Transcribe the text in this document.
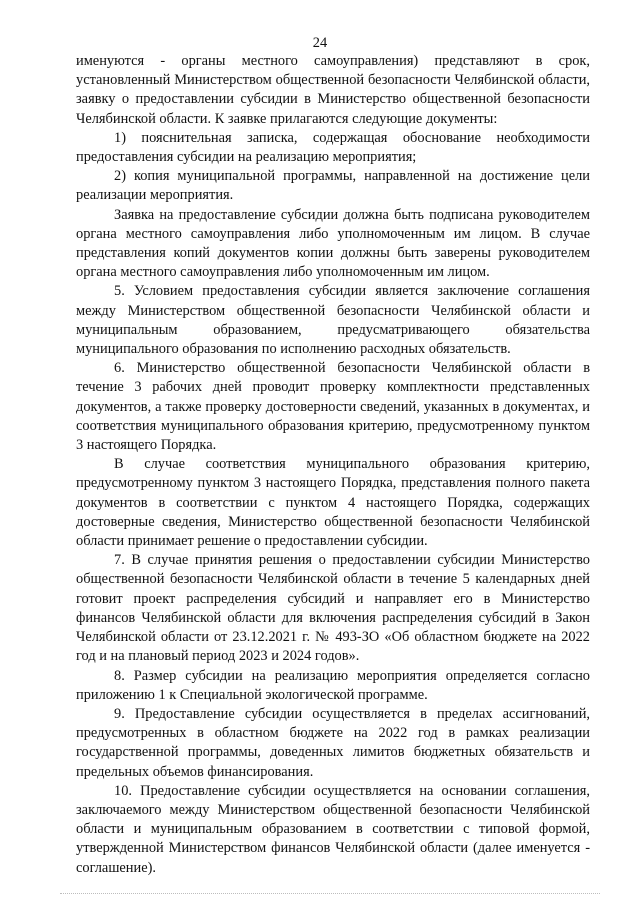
24

именуются - органы местного самоуправления) представляют в срок, установленный Министерством общественной безопасности Челябинской области, заявку о предоставлении субсидии в Министерство общественной безопасности Челябинской области. К заявке прилагаются следующие документы:

1) пояснительная записка, содержащая обоснование необходимости предоставления субсидии на реализацию мероприятия;

2) копия муниципальной программы, направленной на достижение цели реализации мероприятия.

Заявка на предоставление субсидии должна быть подписана руководителем органа местного самоуправления либо уполномоченным им лицом. В случае представления копий документов копии должны быть заверены руководителем органа местного самоуправления либо уполномоченным им лицом.

5. Условием предоставления субсидии является заключение соглашения между Министерством общественной безопасности Челябинской области и муниципальным образованием, предусматривающего обязательства муниципального образования по исполнению расходных обязательств.

6. Министерство общественной безопасности Челябинской области в течение 3 рабочих дней проводит проверку комплектности представленных документов, а также проверку достоверности сведений, указанных в документах, и соответствия муниципального образования критерию, предусмотренному пунктом 3 настоящего Порядка.

В случае соответствия муниципального образования критерию, предусмотренному пунктом 3 настоящего Порядка, представления полного пакета документов в соответствии с пунктом 4 настоящего Порядка, содержащих достоверные сведения, Министерство общественной безопасности Челябинской области принимает решение о предоставлении субсидии.

7. В случае принятия решения о предоставлении субсидии Министерство общественной безопасности Челябинской области в течение 5 календарных дней готовит проект распределения субсидий и направляет его в Министерство финансов Челябинской области для включения распределения субсидий в Закон Челябинской области от 23.12.2021 г. № 493-ЗО «Об областном бюджете на 2022 год и на плановый период 2023 и 2024 годов».

8. Размер субсидии на реализацию мероприятия определяется согласно приложению 1 к Специальной экологической программе.

9. Предоставление субсидии осуществляется в пределах ассигнований, предусмотренных в областном бюджете на 2022 год в рамках реализации государственной программы, доведенных лимитов бюджетных обязательств и предельных объемов финансирования.

10. Предоставление субсидии осуществляется на основании соглашения, заключаемого между Министерством общественной безопасности Челябинской области и муниципальным образованием в соответствии с типовой формой, утвержденной Министерством финансов Челябинской области (далее именуется - соглашение).
